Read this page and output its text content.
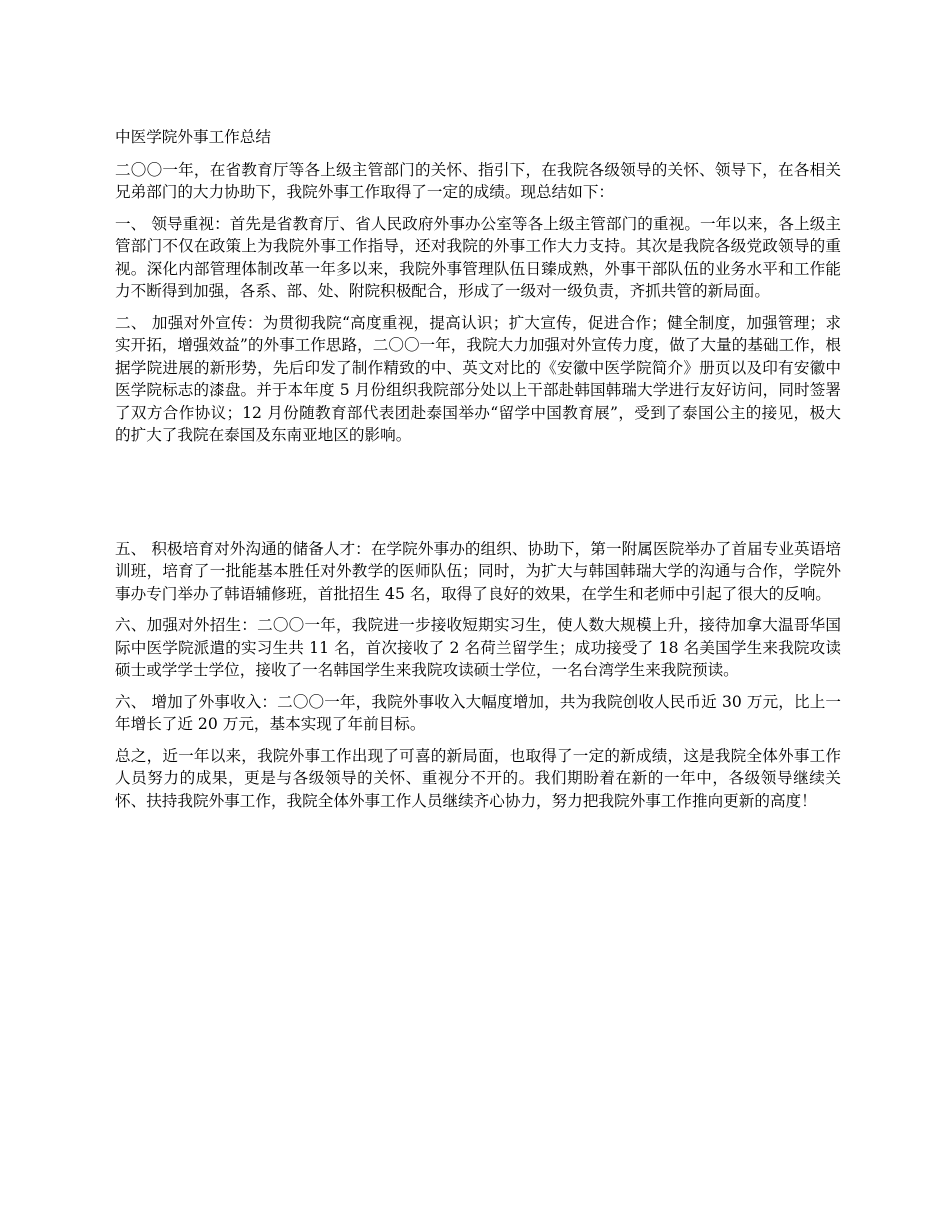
中医学院外事工作总结

二〇〇一年，在省教育厅等各上级主管部门的关怀、指引下，在我院各级领导的关怀、领导下，在各相关兄弟部门的大力协助下，我院外事工作取得了一定的成绩。现总结如下：

一、 领导重视：首先是省教育厅、省人民政府外事办公室等各上级主管部门的重视。一年以来，各上级主管部门不仅在政策上为我院外事工作指导，还对我院的外事工作大力支持。其次是我院各级党政领导的重视。深化内部管理体制改革一年多以来，我院外事管理队伍日臻成熟，外事干部队伍的业务水平和工作能力不断得到加强，各系、部、处、附院积极配合，形成了一级对一级负责，齐抓共管的新局面。

二、 加强对外宣传：为贯彻我院“高度重视，提高认识；扩大宣传，促进合作；健全制度，加强管理；求实开拓，增强效益”的外事工作思路，二〇〇一年，我院大力加强对外宣传力度，做了大量的基础工作，根据学院进展的新形势，先后印发了制作精致的中、英文对比的《安徽中医学院简介》册页以及印有安徽中医学院标志的漆盘。并于本年度 5 月份组织我院部分处以上干部赴韩国韩瑞大学进行友好访问，同时签署了双方合作协议；12 月份随教育部代表团赴泰国举办“留学中国教育展”，受到了泰国公主的接见，极大的扩大了我院在泰国及东南亚地区的影响。

五、 积极培育对外沟通的储备人才：在学院外事办的组织、协助下，第一附属医院举办了首届专业英语培训班，培育了一批能基本胜任对外教学的医师队伍；同时，为扩大与韩国韩瑞大学的沟通与合作，学院外事办专门举办了韩语辅修班，首批招生 45 名，取得了良好的效果，在学生和老师中引起了很大的反响。

六、加强对外招生：二〇〇一年，我院进一步接收短期实习生，使人数大规模上升，接待加拿大温哥华国际中医学院派遣的实习生共 11 名，首次接收了 2 名荷兰留学生；成功接受了 18 名美国学生来我院攻读硕士或学学士学位，接收了一名韩国学生来我院攻读硕士学位，一名台湾学生来我院预读。

六、 增加了外事收入：二〇〇一年，我院外事收入大幅度增加，共为我院创收人民币近 30 万元，比上一年增长了近 20 万元，基本实现了年前目标。

总之，近一年以来，我院外事工作出现了可喜的新局面，也取得了一定的新成绩，这是我院全体外事工作人员努力的成果，更是与各级领导的关怀、重视分不开的。我们期盼着在新的一年中，各级领导继续关怀、扶持我院外事工作，我院全体外事工作人员继续齐心协力，努力把我院外事工作推向更新的高度！
